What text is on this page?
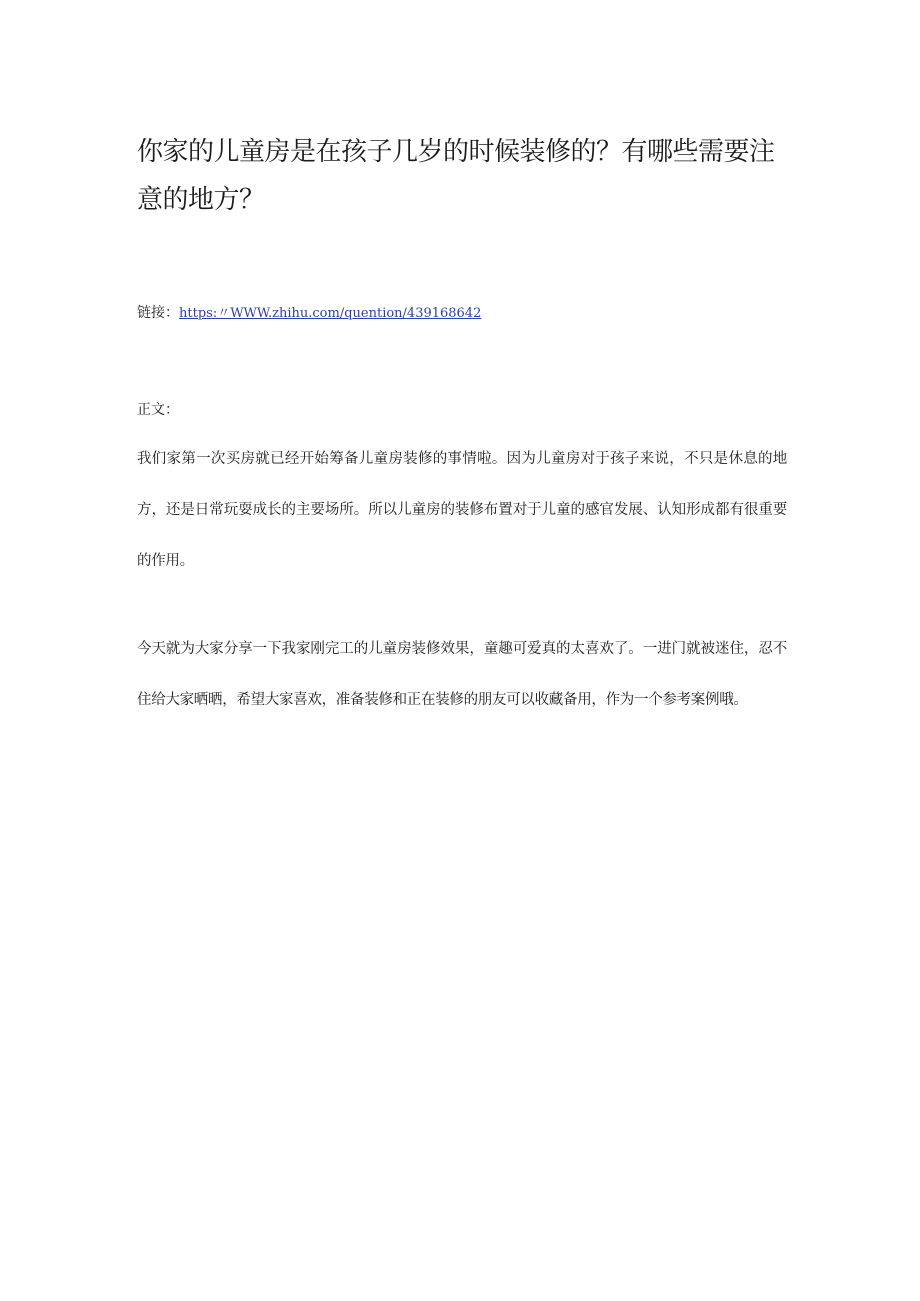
你家的儿童房是在孩子几岁的时候装修的？有哪些需要注意的地方？
链接：https:〃WWW.zhihu.com/quention/439168642
正文：

我们家第一次买房就已经开始筹备儿童房装修的事情啦。因为儿童房对于孩子来说，不只是休息的地方，还是日常玩耍成长的主要场所。所以儿童房的装修布置对于儿童的感官发展、认知形成都有很重要的作用。

今天就为大家分享一下我家刚完工的儿童房装修效果，童趣可爱真的太喜欢了。一进门就被迷住，忍不住给大家晒晒，希望大家喜欢，准备装修和正在装修的朋友可以收藏备用，作为一个参考案例哦。
